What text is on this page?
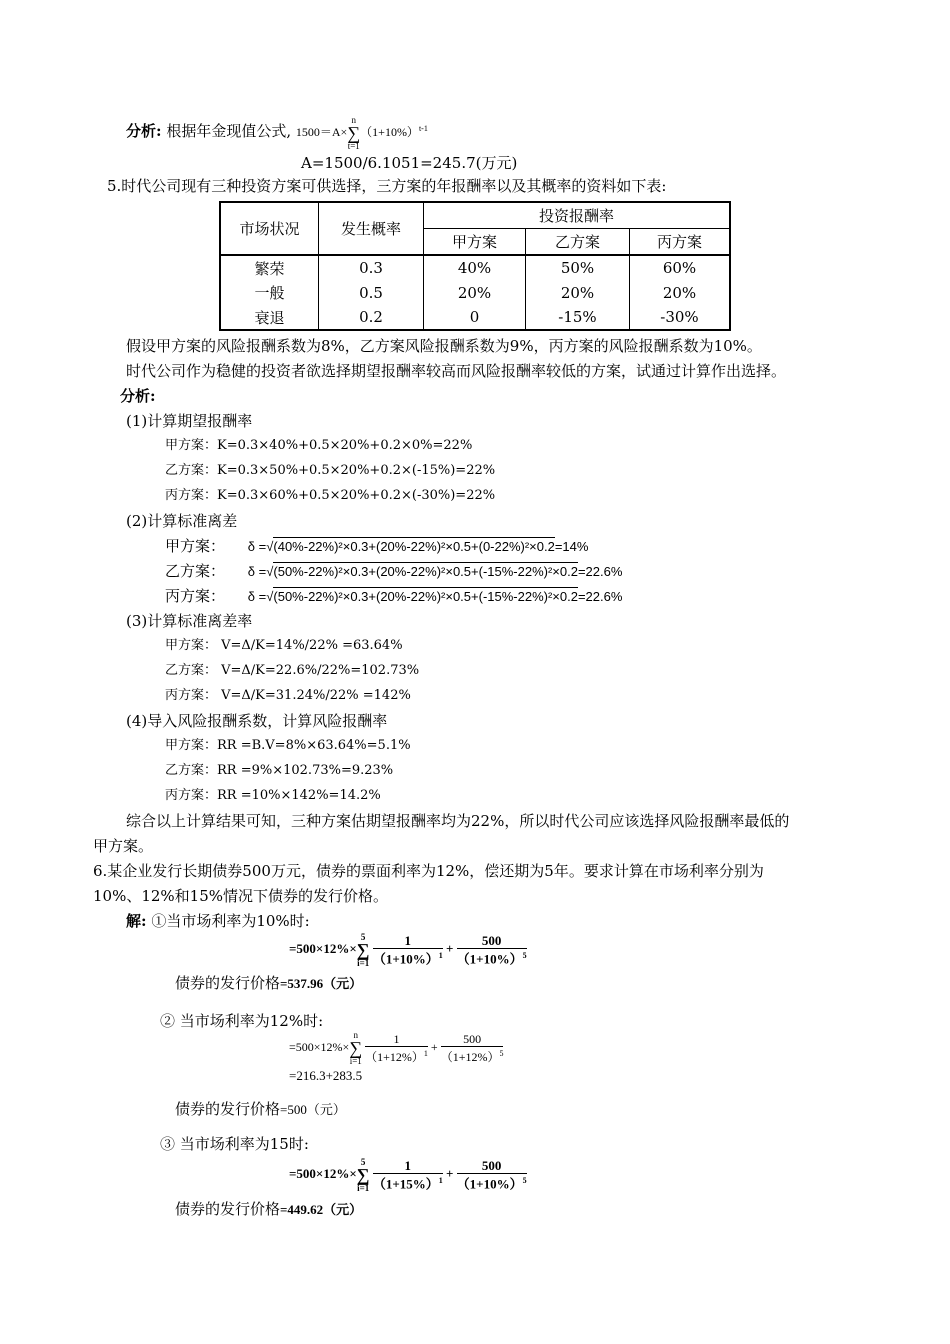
分析: 根据年金现值公式, 1500＝A×n
∑
$t=1(1+10\%)^{t-1}$
A=1500/6.1051=245.7(万元)
5.时代公司现有三种投资方案可供选择，三方案的年报酬率以及其概率的资料如下表:
市场状况	发生概率	投资报酬率		
		甲方案	乙方案	丙方案
繁荣	0.3	40%	50%	60%
一般	0.5	20%	20%	20%
衰退	0.2	0	-15%	-30%
假设甲方案的风险报酬系数为8%，乙方案风险报酬系数为9%，丙方案的风险报酬系数为10%。
时代公司作为稳健的投资者欲选择期望报酬率较高而风险报酬率较低的方案，试通过计算作出选择。
分析:
(1)计算期望报酬率
甲方案：K=0.3×40%+0.5×20%+0.2×0%=22%
乙方案：K=0.3×50%+0.5×20%+0.2×(-15%)=22%
丙方案：K=0.3×60%+0.5×20%+0.2×(-30%)=22%
(2)计算标准离差
甲方案： δ =√(40%-22%)²×0.3+(20%-22%)²×0.5+(0-22%)²×0.2=14%
乙方案： δ =√(50%-22%)²×0.3+(20%-22%)²×0.5+(-15%-22%)²×0.2=22.6%
丙方案： δ =√(50%-22%)²×0.3+(20%-22%)²×0.5+(-15%-22%)²×0.2=22.6%
(3)计算标准离差率
甲方案： V=Δ/K=14%/22% =63.64%
乙方案： V=Δ/K=22.6%/22%=102.73%
丙方案： V=Δ/K=31.24%/22% =142%
(4)导入风险报酬系数，计算风险报酬率
甲方案：RR =B.V=8%×63.64%=5.1%
乙方案：RR =9%×102.73%=9.23%
丙方案：RR =10%×142%=14.2%
综合以上计算结果可知，三种方案估期望报酬率均为22%，所以时代公司应该选择风险报酬率最低的
甲方案。
6.某企业发行长期债券500万元，债券的票面利率为12%，偿还期为5年。要求计算在市场利率分别为
10%、12%和15%情况下债券的发行价格。
解: ①当市场利率为10%时:
=500×12%×5
∑
$i=1 \frac{1}{(1+10\%)^1} + \frac{500}{(1+10\%)^5}$
债券的发行价格=537.96（元）
② 当市场利率为12%时:
=500×12%×n
∑
$i=1 \frac{1}{(1+12\%)^1} + \frac{500}{(1+12\%)^5}$
=216.3+283.5
债券的发行价格=500（元）
③ 当市场利率为15时:
=500×12%×5
∑
$i=1 \frac{1}{(1+15\%)^1} + \frac{500}{(1+10\%)^5}$
债券的发行价格=449.62（元）
